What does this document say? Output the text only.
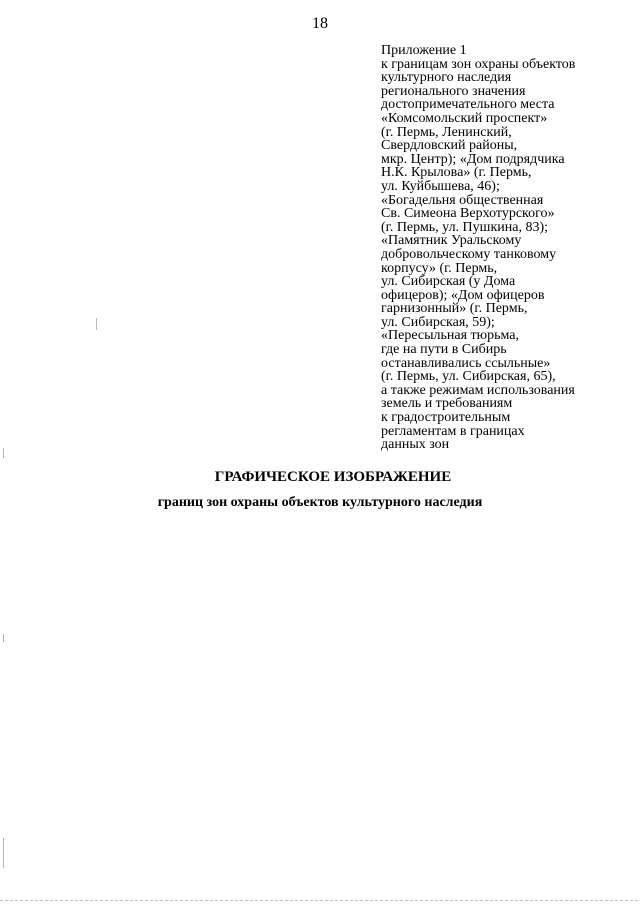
18
Приложение 1
к границам зон охраны объектов
культурного наследия
регионального значения
достопримечательного места
«Комсомольский проспект»
(г. Пермь, Ленинский,
Свердловский районы,
мкр. Центр); «Дом подрядчика
Н.К. Крылова» (г. Пермь,
ул. Куйбышева, 46);
«Богадельня общественная
Св. Симеона Верхотурского»
(г. Пермь, ул. Пушкина, 83);
«Памятник Уральскому
добровольческому танковому
корпусу» (г. Пермь,
ул. Сибирская (у Дома
офицеров); «Дом офицеров
гарнизонный» (г. Пермь,
ул. Сибирская, 59);
«Пересыльная тюрьма,
где на пути в Сибирь
останавливались ссыльные»
(г. Пермь, ул. Сибирская, 65),
а также режимам использования
земель и требованиям
к градостроительным
регламентам в границах
данных зон
ГРАФИЧЕСКОЕ ИЗОБРАЖЕНИЕ
границ зон охраны объектов культурного наследия
